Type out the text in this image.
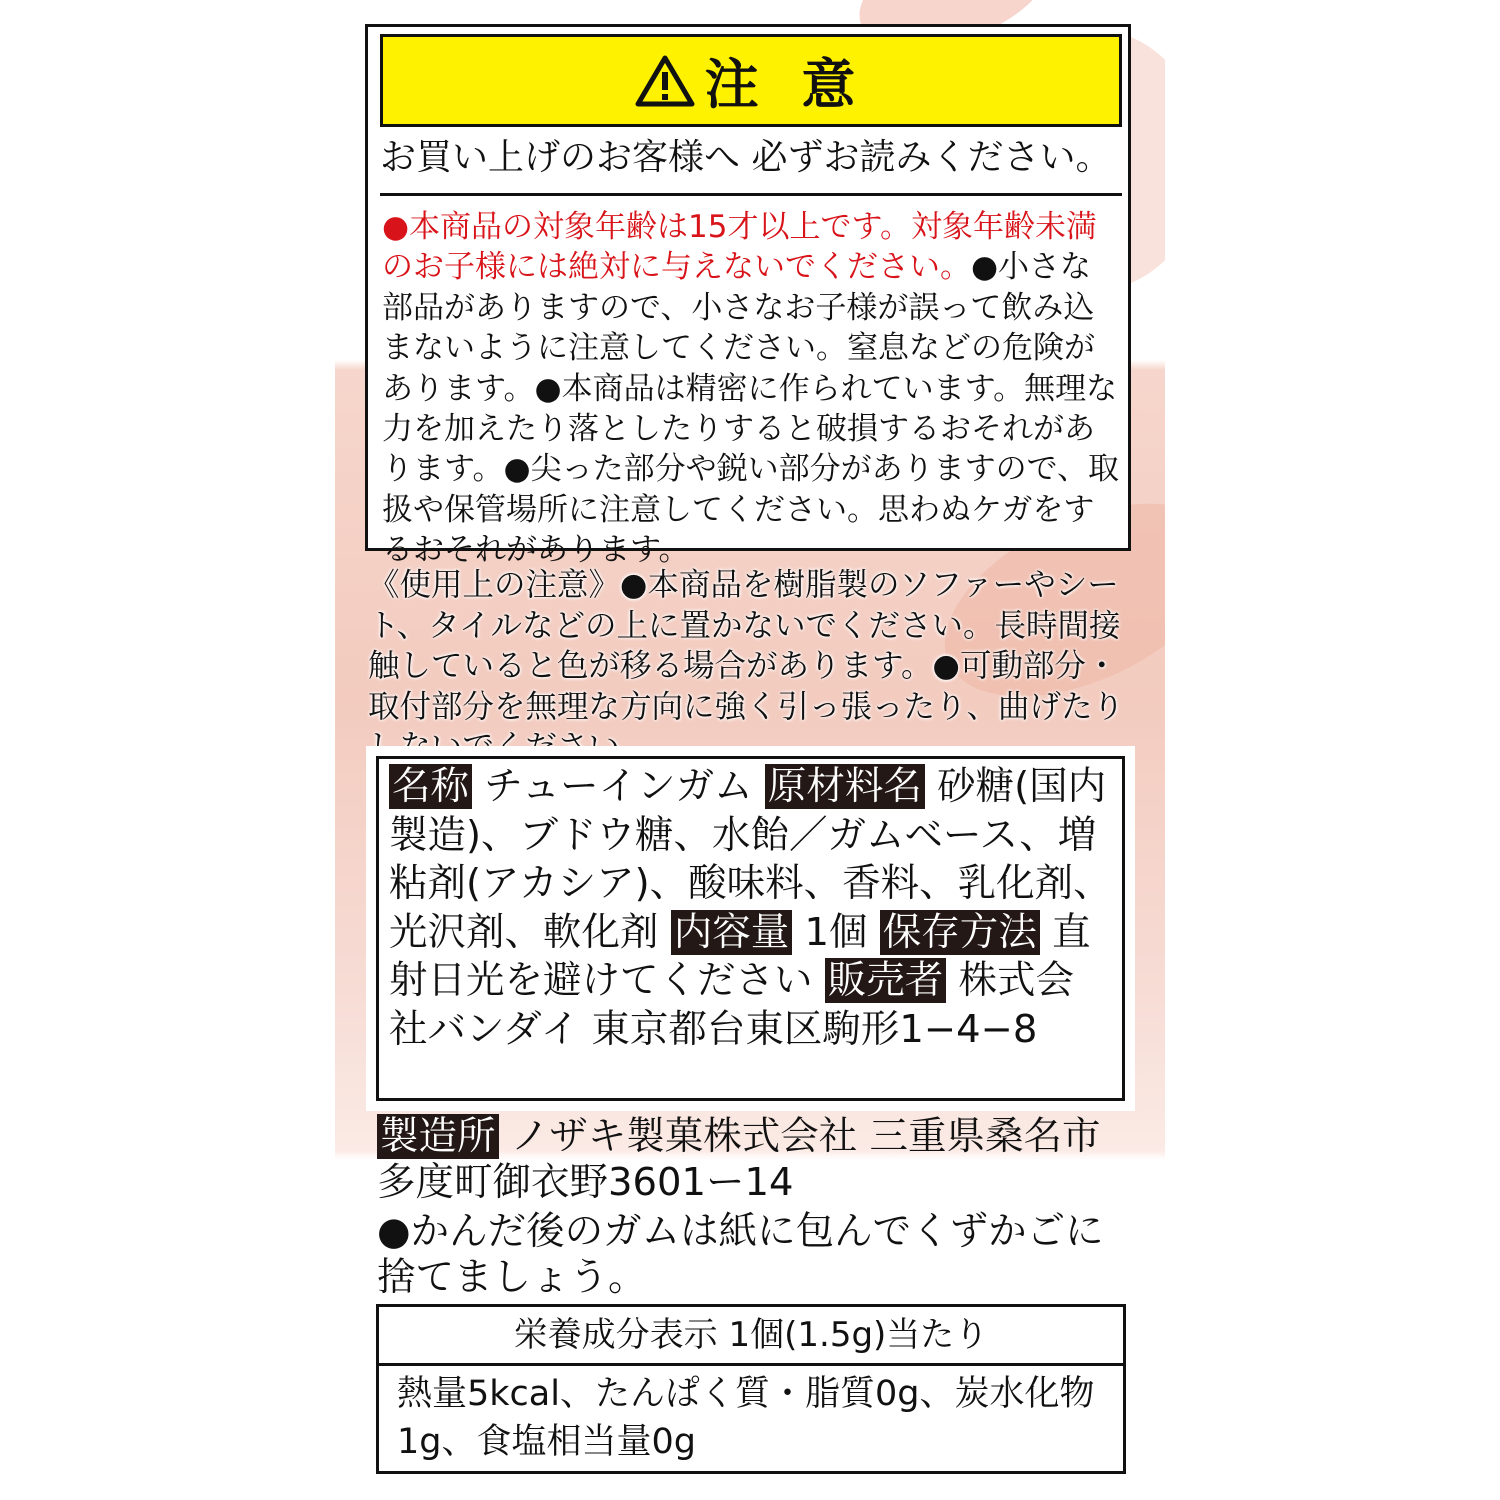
注 意
お買い上げのお客様へ 必ずお読みください。
●本商品の対象年齢は15才以上です。対象年齢未満のお子様には絶対に与えないでください。●小さな部品がありますので、小さなお子様が誤って飲み込まないように注意してください。窒息などの危険があります。●本商品は精密に作られています。無理な力を加えたり落としたりすると破損するおそれがあります。●尖った部分や鋭い部分がありますので、取扱や保管場所に注意してください。思わぬケガをするおそれがあります。
《使用上の注意》●本商品を樹脂製のソファーやシート、タイルなどの上に置かないでください。長時間接触していると色が移る場合があります。●可動部分・取付部分を無理な方向に強く引っ張ったり、曲げたり
名称 チューインガム 原材料名 砂糖(国内製造)、ブドウ糖、水飴／ガムベース、増粘剤(アカシア)、酸味料、香料、乳化剤、光沢剤、軟化剤 内容量 1個 保存方法 直射日光を避けてください 販売者 株式会社バンダイ 東京都台東区駒形1−4−8
製造所 ノザキ製菓株式会社 三重県桑名市多度町御衣野3601ー14
●かんだ後のガムは紙に包んでくずかごに捨てましょう。
栄養成分表示 1個(1.5g)当たり
熱量5kcal、たんぱく質・脂質0g、炭水化物1g、食塩相当量0g
